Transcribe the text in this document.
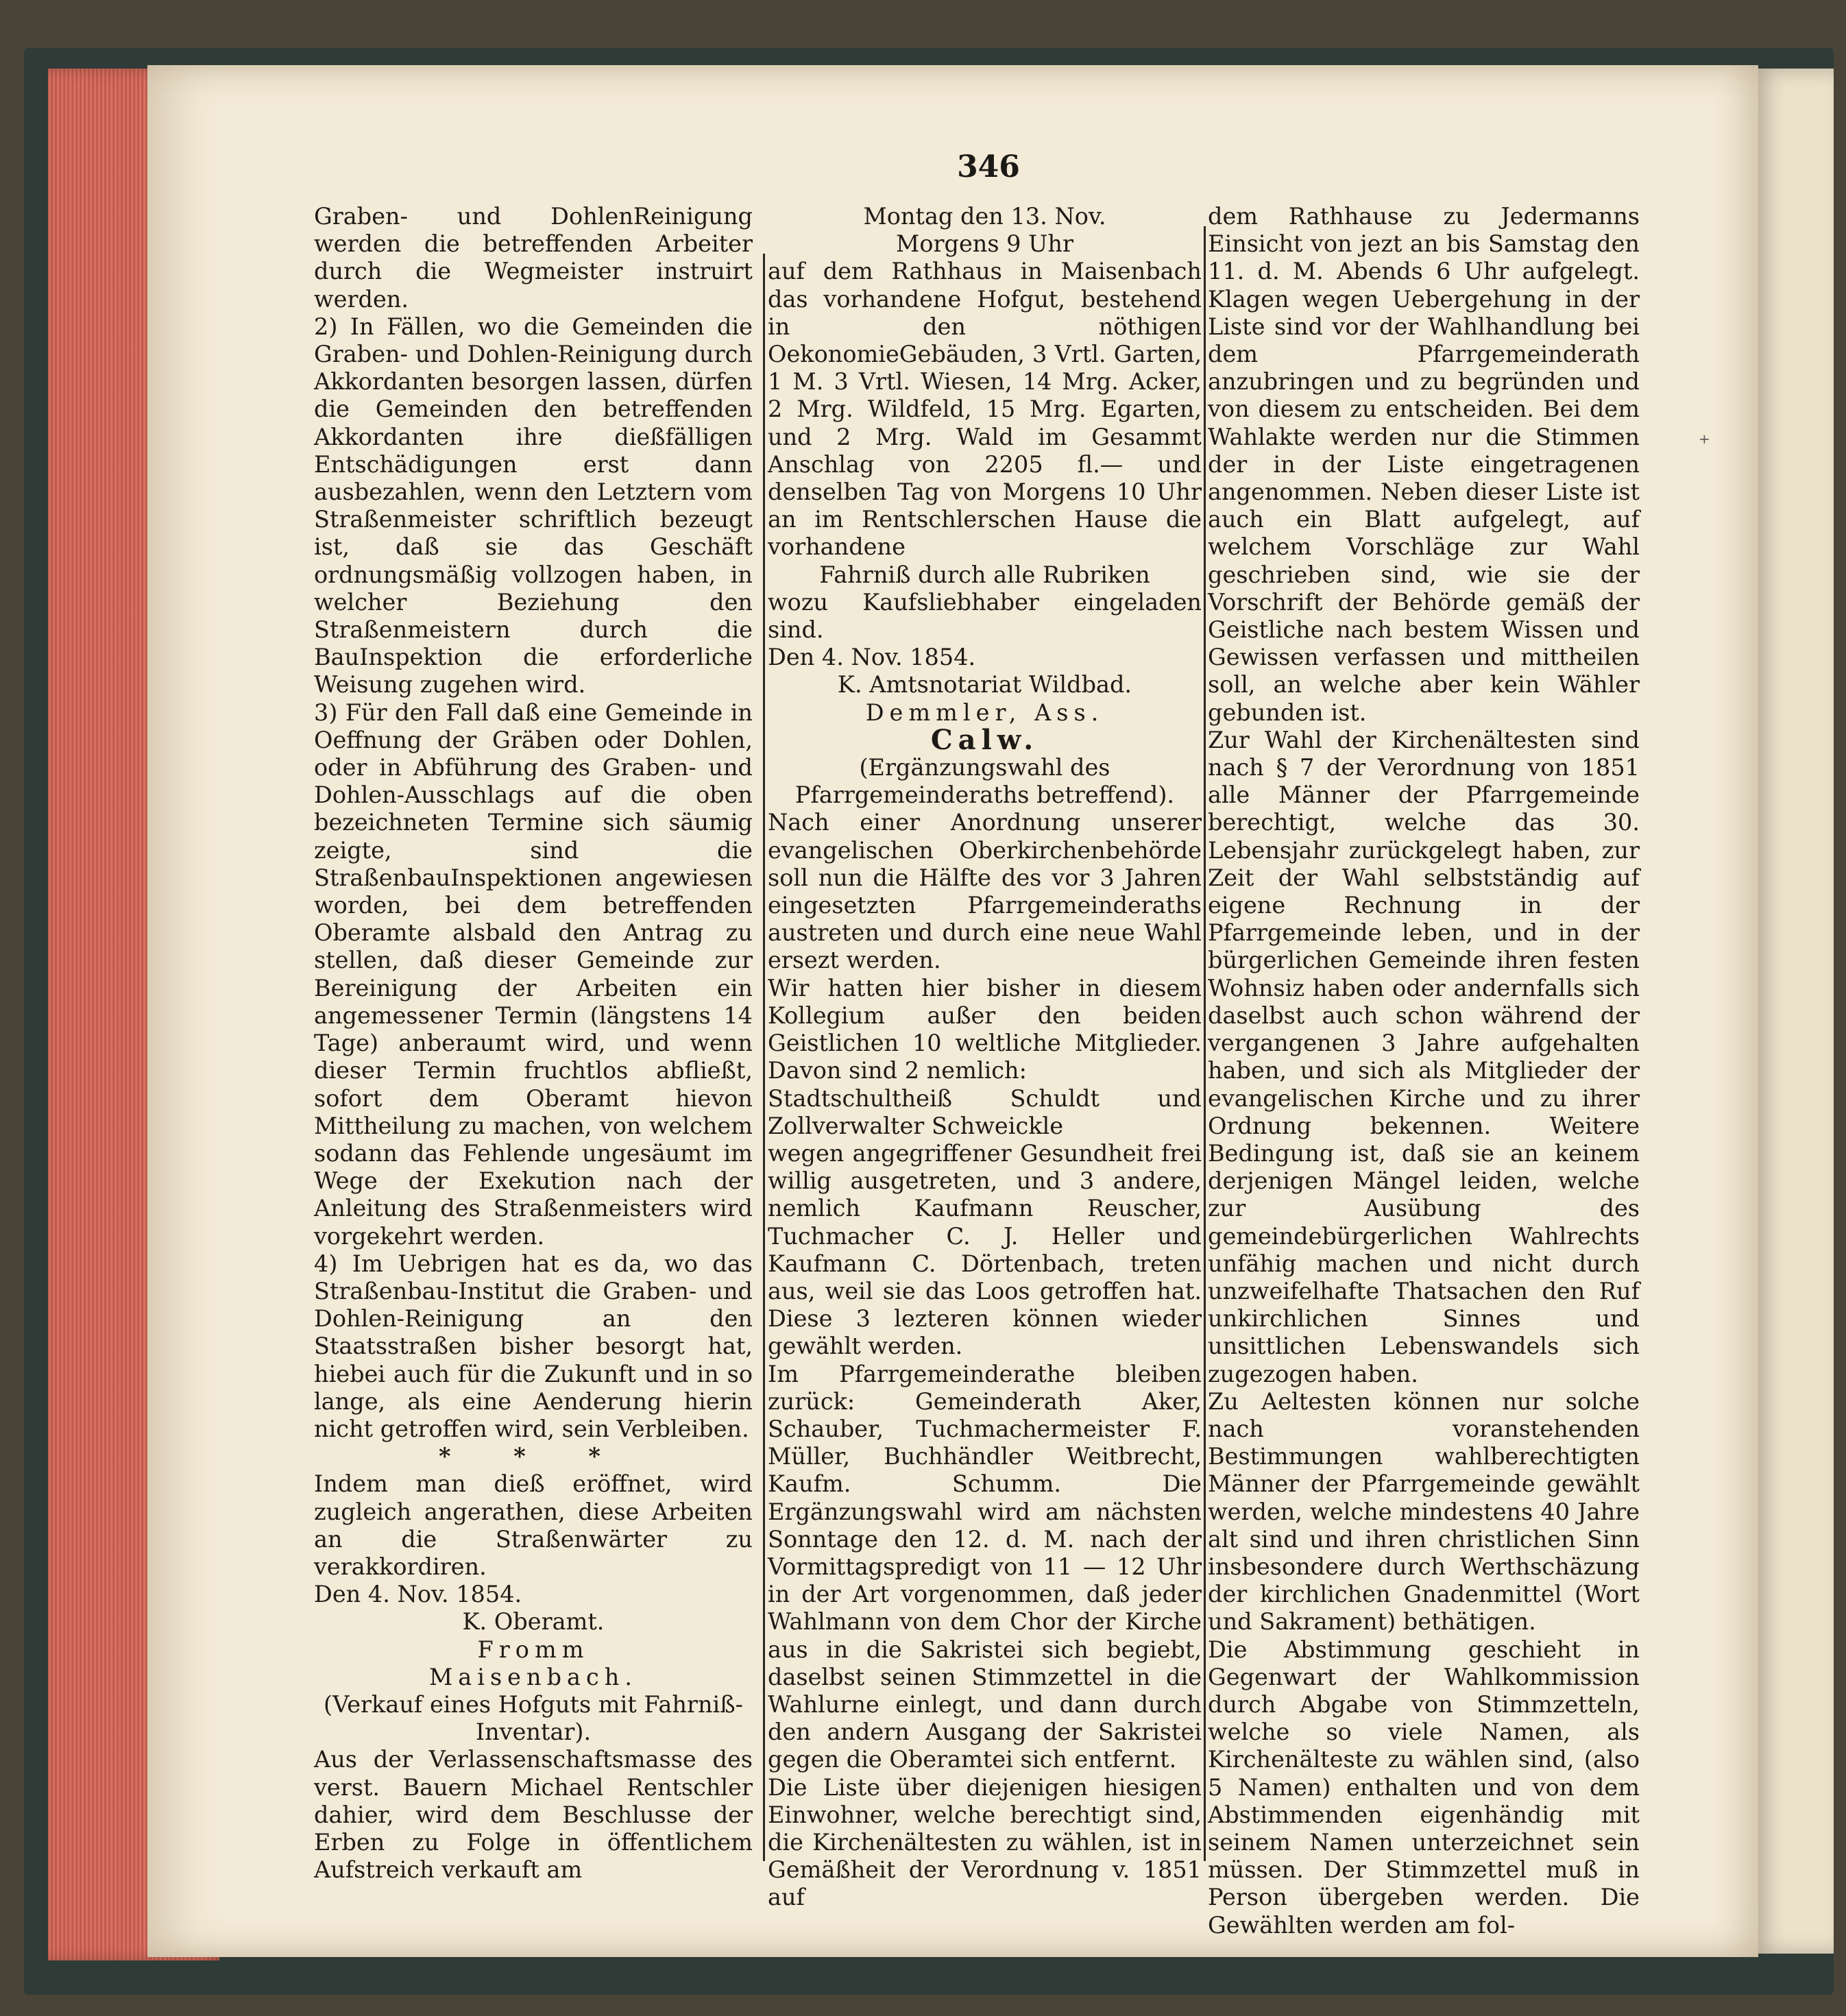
346
+

Graben- und DohlenReinigung werden die betreffenden Arbeiter durch die Wegmeister instruirt werden.

2) In Fällen, wo die Gemeinden die Graben- und Dohlen-Reinigung durch Akkordanten besorgen lassen, dürfen die Gemeinden den betreffenden Akkordanten ihre dießfälligen Entschädigungen erst dann ausbezahlen, wenn den Letztern vom Straßenmeister schriftlich bezeugt ist, daß sie das Geschäft ordnungsmäßig vollzogen haben, in welcher Beziehung den Straßenmeistern durch die BauInspektion die erforderliche Weisung zugehen wird.

3) Für den Fall daß eine Gemeinde in Oeffnung der Gräben oder Dohlen, oder in Abführung des Graben- und Dohlen-Ausschlags auf die oben bezeichneten Termine sich säumig zeigte, sind die StraßenbauInspektionen angewiesen worden, bei dem betreffenden Oberamte alsbald den Antrag zu stellen, daß dieser Gemeinde zur Bereinigung der Arbeiten ein angemessener Termin (längstens 14 Tage) anberaumt wird, und wenn dieser Termin fruchtlos abfließt, sofort dem Oberamt hievon Mittheilung zu machen, von welchem sodann das Fehlende ungesäumt im Wege der Exekution nach der Anleitung des Straßenmeisters wird vorgekehrt werden.

4) Im Uebrigen hat es da, wo das Straßenbau-Institut die Graben- und Dohlen-Reinigung an den Staatsstraßen bisher besorgt hat, hiebei auch für die Zukunft und in so lange, als eine Aenderung hierin nicht getroffen wird, sein Verbleiben.

* * *

Indem man dieß eröffnet, wird zugleich angerathen, diese Arbeiten an die Straßenwärter zu verakkordiren.

Den 4. Nov. 1854.

K. Oberamt.

Fromm

Maisenbach.

(Verkauf eines Hofguts mit Fahrniß-Inventar).

Aus der Verlassenschaftsmasse des verst. Bauern Michael Rentschler dahier, wird dem Beschlusse der Erben zu Folge in öffentlichem Aufstreich verkauft am

Montag den 13. Nov.

Morgens 9 Uhr

auf dem Rathhaus in Maisenbach das vorhandene Hofgut, bestehend in den nöthigen OekonomieGebäuden, 3 Vrtl. Garten, 1 M. 3 Vrtl. Wiesen, 14 Mrg. Acker, 2 Mrg. Wildfeld, 15 Mrg. Egarten, und 2 Mrg. Wald im Gesammt Anschlag von 2205 fl.— und denselben Tag von Morgens 10 Uhr an im Rentschlerschen Hause die vorhandene

Fahrniß durch alle Rubriken

wozu Kaufsliebhaber eingeladen sind.

Den 4. Nov. 1854.

K. Amtsnotariat Wildbad.

Demmler, Ass.

Calw.

(Ergänzungswahl des Pfarrgemeinderaths betreffend).

Nach einer Anordnung unserer evangelischen Oberkirchenbehörde soll nun die Hälfte des vor 3 Jahren eingesetzten Pfarrgemeinderaths austreten und durch eine neue Wahl ersezt werden.

Wir hatten hier bisher in diesem Kollegium außer den beiden Geistlichen 10 weltliche Mitglieder. Davon sind 2 nemlich:

Stadtschultheiß Schuldt und Zollverwalter Schweickle

wegen angegriffener Gesundheit frei willig ausgetreten, und 3 andere, nemlich Kaufmann Reuscher, Tuchmacher C. J. Heller und Kaufmann C. Dörtenbach, treten aus, weil sie das Loos getroffen hat. Diese 3 lezteren können wieder gewählt werden.

Im Pfarrgemeinderathe bleiben zurück: Gemeinderath Aker, Schauber, Tuchmachermeister F. Müller, Buchhändler Weitbrecht, Kaufm. Schumm. Die Ergänzungswahl wird am nächsten Sonntage den 12. d. M. nach der Vormittagspredigt von 11 — 12 Uhr in der Art vorgenommen, daß jeder Wahlmann von dem Chor der Kirche aus in die Sakristei sich begiebt, daselbst seinen Stimmzettel in die Wahlurne einlegt, und dann durch den andern Ausgang der Sakristei gegen die Oberamtei sich entfernt.

Die Liste über diejenigen hiesigen Einwohner, welche berechtigt sind, die Kirchenältesten zu wählen, ist in Gemäßheit der Verordnung v. 1851 auf

dem Rathhause zu Jedermanns Einsicht von jezt an bis Samstag den 11. d. M. Abends 6 Uhr aufgelegt. Klagen wegen Uebergehung in der Liste sind vor der Wahlhandlung bei dem Pfarrgemeinderath anzubringen und zu begründen und von diesem zu entscheiden. Bei dem Wahlakte werden nur die Stimmen der in der Liste eingetragenen angenommen. Neben dieser Liste ist auch ein Blatt aufgelegt, auf welchem Vorschläge zur Wahl geschrieben sind, wie sie der Vorschrift der Behörde gemäß der Geistliche nach bestem Wissen und Gewissen verfassen und mittheilen soll, an welche aber kein Wähler gebunden ist.

Zur Wahl der Kirchenältesten sind nach § 7 der Verordnung von 1851 alle Männer der Pfarrgemeinde berechtigt, welche das 30. Lebensjahr zurückgelegt haben, zur Zeit der Wahl selbstständig auf eigene Rechnung in der Pfarrgemeinde leben, und in der bürgerlichen Gemeinde ihren festen Wohnsiz haben oder andernfalls sich daselbst auch schon während der vergangenen 3 Jahre aufgehalten haben, und sich als Mitglieder der evangelischen Kirche und zu ihrer Ordnung bekennen. Weitere Bedingung ist, daß sie an keinem derjenigen Mängel leiden, welche zur Ausübung des gemeindebürgerlichen Wahlrechts unfähig machen und nicht durch unzweifelhafte Thatsachen den Ruf unkirchlichen Sinnes und unsittlichen Lebenswandels sich zugezogen haben.

Zu Aeltesten können nur solche nach voranstehenden Bestimmungen wahlberechtigten Männer der Pfarrgemeinde gewählt werden, welche mindestens 40 Jahre alt sind und ihren christlichen Sinn insbesondere durch Werthschäzung der kirchlichen Gnadenmittel (Wort und Sakrament) bethätigen.

Die Abstimmung geschieht in Gegenwart der Wahlkommission durch Abgabe von Stimmzetteln, welche so viele Namen, als Kirchenälteste zu wählen sind, (also 5 Namen) enthalten und von dem Abstimmenden eigenhändig mit seinem Namen unterzeichnet sein müssen. Der Stimmzettel muß in Person übergeben werden. Die Gewählten werden am fol-
